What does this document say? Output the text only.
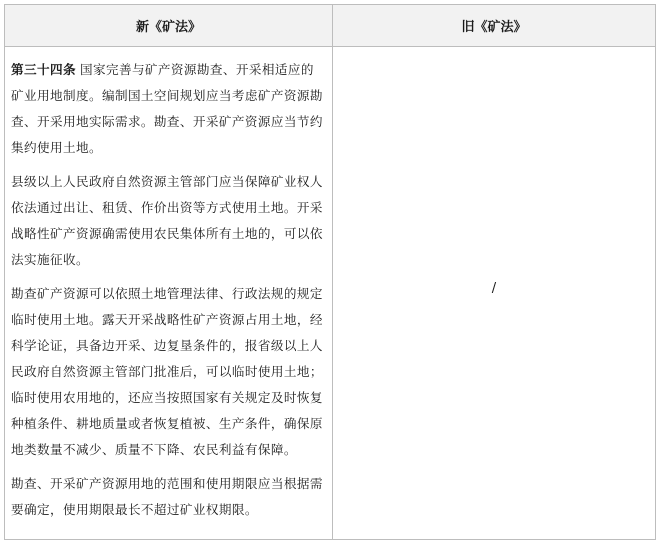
新《矿法》	旧《矿法》

第三十四条 国家完善与矿产资源勘查、开采相适应的矿业用地制度。编制国土空间规划应当考虑矿产资源勘查、开采用地实际需求。勘查、开采矿产资源应当节约集约使用土地。

县级以上人民政府自然资源主管部门应当保障矿业权人依法通过出让、租赁、作价出资等方式使用土地。开采战略性矿产资源确需使用农民集体所有土地的，可以依法实施征收。

勘查矿产资源可以依照土地管理法律、行政法规的规定临时使用土地。露天开采战略性矿产资源占用土地，经科学论证，具备边开采、边复垦条件的，报省级以上人民政府自然资源主管部门批准后，可以临时使用土地；临时使用农用地的，还应当按照国家有关规定及时恢复种植条件、耕地质量或者恢复植被、生产条件，确保原地类数量不减少、质量不下降、农民利益有保障。

勘查、开采矿产资源用地的范围和使用期限应当根据需要确定，使用期限最长不超过矿业权期限。	/
